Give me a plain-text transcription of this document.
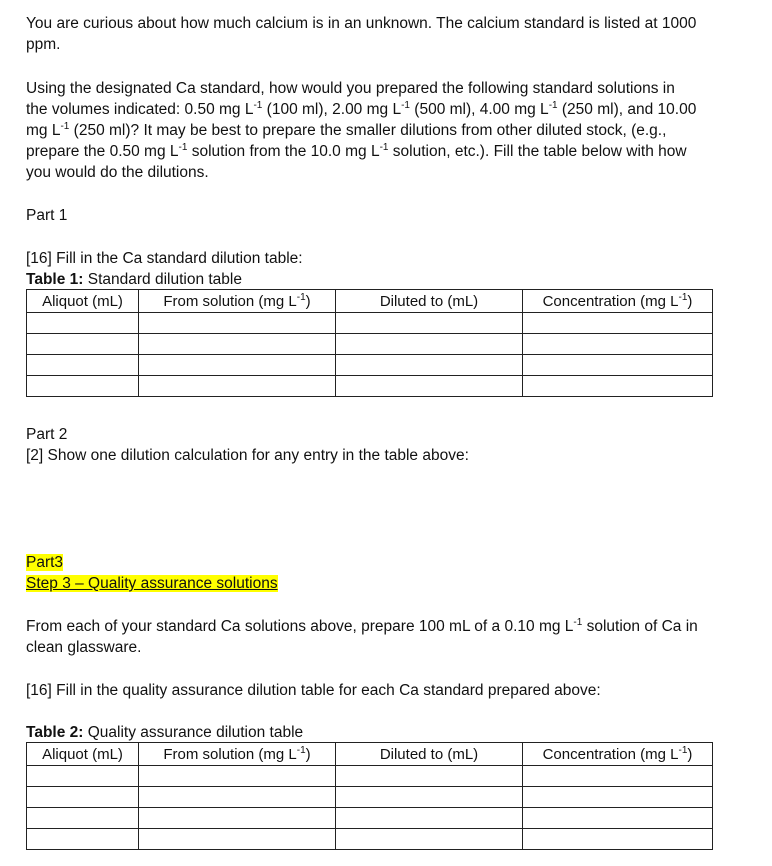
You are curious about how much calcium is in an unknown. The calcium standard is listed at 1000
ppm.

Using the designated Ca standard, how would you prepared the following standard solutions in
the volumes indicated: 0.50 mg $L^{-1}$ (100 ml), 2.00 mg $L^{-1}$ (500 ml), 4.00 mg $L^{-1}$ (250 ml), and 10.00
mg $L^{-1}$ (250 ml)? It may be best to prepare the smaller dilutions from other diluted stock, (e.g.,
prepare the 0.50 mg $L^{-1}$ solution from the 10.0 mg $L^{-1}$ solution, etc.). Fill the table below with how
you would do the dilutions.

Part 1

[16] Fill in the Ca standard dilution table:

Table 1: Standard dilution table

Aliquot (mL)	From solution (mg $L^{-1}$)	Diluted to (mL)	Concentration (mg $L^{-1}$)

Part 2

[2] Show one dilution calculation for any entry in the table above:

Part3

Step 3 – Quality assurance solutions

From each of your standard Ca solutions above, prepare 100 mL of a 0.10 mg $L^{-1}$ solution of Ca in
clean glassware.

[16] Fill in the quality assurance dilution table for each Ca standard prepared above:

Table 2: Quality assurance dilution table

Aliquot (mL)	From solution (mg $L^{-1}$)	Diluted to (mL)	Concentration (mg $L^{-1}$)
